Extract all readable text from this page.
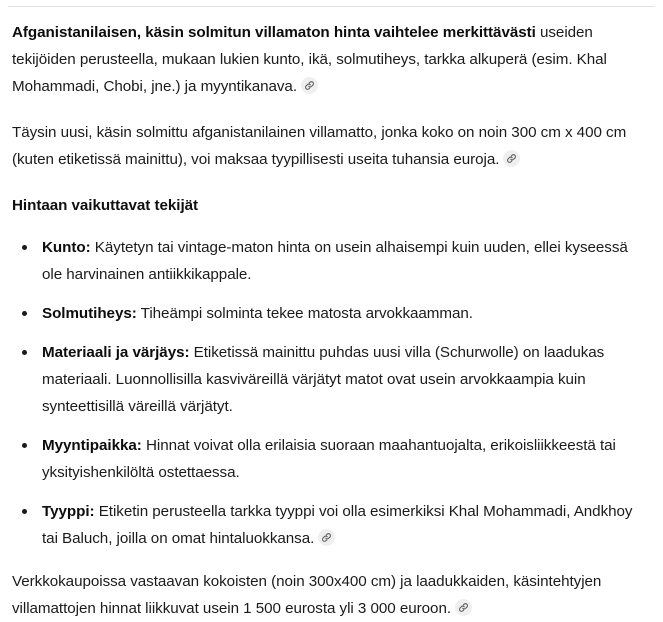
Afganistanilaisen, käsin solmitun villamaton hinta vaihtelee merkittävästi useiden tekijöiden perusteella, mukaan lukien kunto, ikä, solmutiheys, tarkka alkuperä (esim. Khal Mohammadi, Chobi, jne.) ja myyntikanava.

Täysin uusi, käsin solmittu afganistanilainen villamatto, jonka koko on noin 300 cm x 400 cm (kuten etiketissä mainittu), voi maksaa tyypillisesti useita tuhansia euroja.

Hintaan vaikuttavat tekijät
Kunto: Käytetyn tai vintage-maton hinta on usein alhaisempi kuin uuden, ellei kyseessä ole harvinainen antiikkikappale.
Solmutiheys: Tiheämpi solminta tekee matosta arvokkaamman.
Materiaali ja värjäys: Etiketissä mainittu puhdas uusi villa (Schurwolle) on laadukas materiaali. Luonnollisilla kasviväreillä värjätyt matot ovat usein arvokkaampia kuin synteettisillä väreillä värjätyt.
Myyntipaikka: Hinnat voivat olla erilaisia suoraan maahantuojalta, erikoisliikkeestä tai yksityishenkilöltä ostettaessa.
Tyyppi: Etiketin perusteella tarkka tyyppi voi olla esimerkiksi Khal Mohammadi, Andkhoy tai Baluch, joilla on omat hintaluokkansa.

Verkkokaupoissa vastaavan kokoisten (noin 300x400 cm) ja laadukkaiden, käsintehtyjen villamattojen hinnat liikkuvat usein 1 500 eurosta yli 3 000 euroon.
